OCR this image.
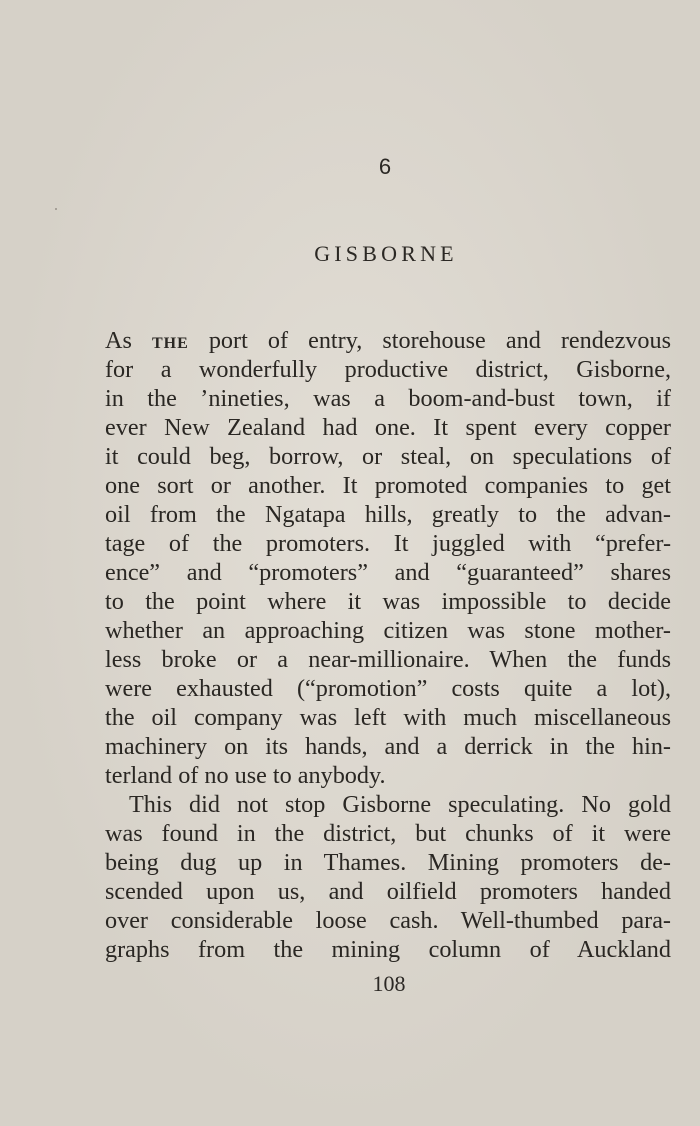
6
GISBORNE
As THE port of entry, storehouse and rendezvous
for a wonderfully productive district, Gisborne,
in the ’nineties, was a boom-and-bust town, if
ever New Zealand had one. It spent every copper
it could beg, borrow, or steal, on speculations of
one sort or another. It promoted companies to get
oil from the Ngatapa hills, greatly to the advan-
tage of the promoters. It juggled with “prefer-
ence” and “promoters” and “guaranteed” shares
to the point where it was impossible to decide
whether an approaching citizen was stone mother-
less broke or a near-millionaire. When the funds
were exhausted (“promotion” costs quite a lot),
the oil company was left with much miscellaneous
machinery on its hands, and a derrick in the hin-
terland of no use to anybody.
This did not stop Gisborne speculating. No gold
was found in the district, but chunks of it were
being dug up in Thames. Mining promoters de-
scended upon us, and oilfield promoters handed
over considerable loose cash. Well-thumbed para-
graphs from the mining column of Auckland
108
